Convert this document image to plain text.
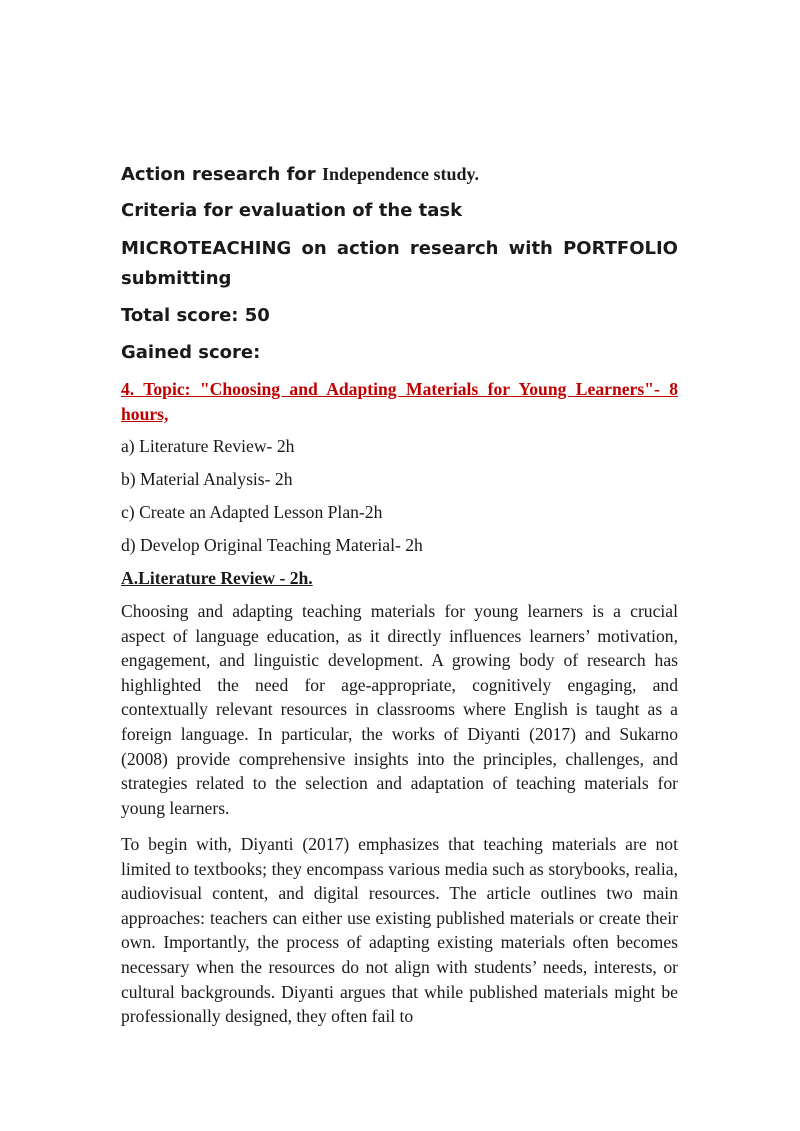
Action research for Independence study.

Criteria for evaluation of the task

MICROTEACHING on action research with PORTFOLIO submitting

Total score: 50

Gained score:

4. Topic: "Choosing and Adapting Materials for Young Learners"- 8 hours,

a) Literature Review- 2h
b) Material Analysis- 2h
c) Create an Adapted Lesson Plan-2h
d) Develop Original Teaching Material- 2h

A.Literature Review - 2h.

Choosing and adapting teaching materials for young learners is a crucial aspect of language education, as it directly influences learners’ motivation, engagement, and linguistic development. A growing body of research has highlighted the need for age-appropriate, cognitively engaging, and contextually relevant resources in classrooms where English is taught as a foreign language. In particular, the works of Diyanti (2017) and Sukarno (2008) provide comprehensive insights into the principles, challenges, and strategies related to the selection and adaptation of teaching materials for young learners.

To begin with, Diyanti (2017) emphasizes that teaching materials are not limited to textbooks; they encompass various media such as storybooks, realia, audiovisual content, and digital resources. The article outlines two main approaches: teachers can either use existing published materials or create their own. Importantly, the process of adapting existing materials often becomes necessary when the resources do not align with students’ needs, interests, or cultural backgrounds. Diyanti argues that while published materials might be professionally designed, they often fail to
